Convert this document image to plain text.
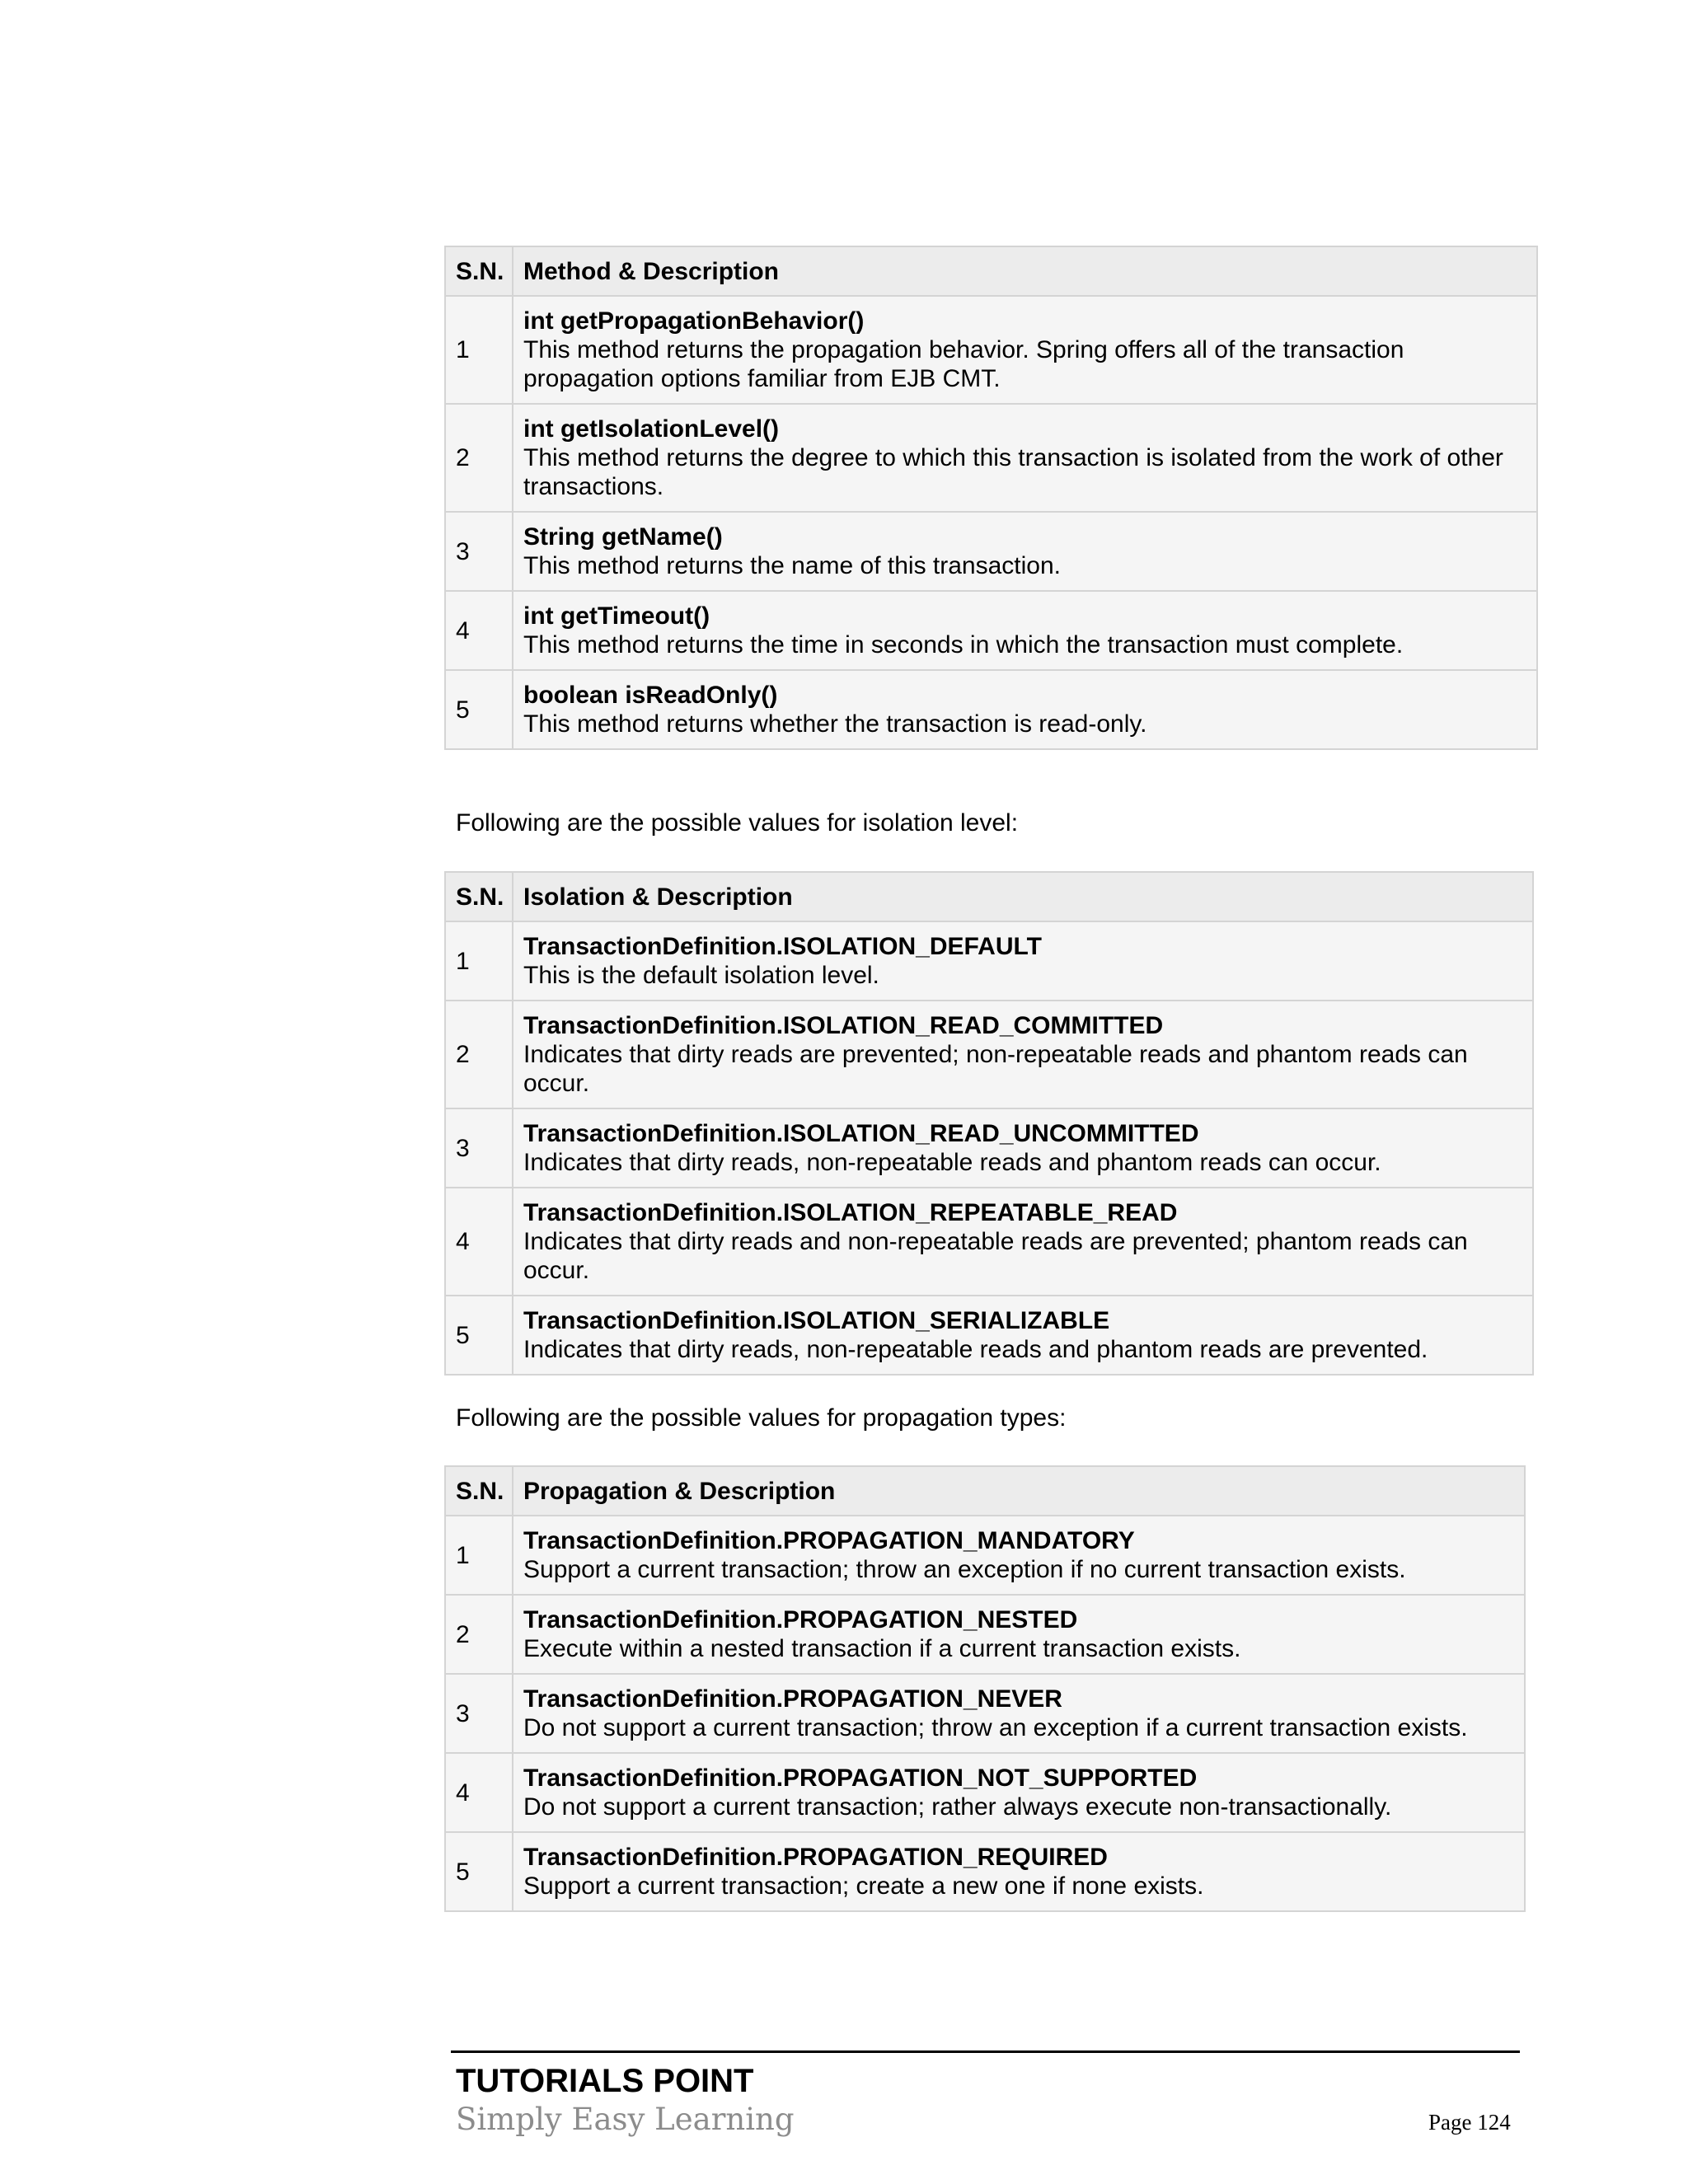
S.N.	Method & Description
1	int getPropagationBehavior()
This method returns the propagation behavior. Spring offers all of the transaction propagation options familiar from EJB CMT.

2	int getIsolationLevel()
This method returns the degree to which this transaction is isolated from the work of other transactions.

3	String getName()
This method returns the name of this transaction.

4	int getTimeout()
This method returns the time in seconds in which the transaction must complete.

5	boolean isReadOnly()
This method returns whether the transaction is read-only.

Following are the possible values for isolation level:

S.N.	Isolation & Description
1	TransactionDefinition.ISOLATION_DEFAULT
This is the default isolation level.

2	TransactionDefinition.ISOLATION_READ_COMMITTED
Indicates that dirty reads are prevented; non-repeatable reads and phantom reads can occur.

3	TransactionDefinition.ISOLATION_READ_UNCOMMITTED
Indicates that dirty reads, non-repeatable reads and phantom reads can occur.

4	TransactionDefinition.ISOLATION_REPEATABLE_READ
Indicates that dirty reads and non-repeatable reads are prevented; phantom reads can occur.

5	TransactionDefinition.ISOLATION_SERIALIZABLE
Indicates that dirty reads, non-repeatable reads and phantom reads are prevented.

Following are the possible values for propagation types:

S.N.	Propagation & Description
1	TransactionDefinition.PROPAGATION_MANDATORY
Support a current transaction; throw an exception if no current transaction exists.

2	TransactionDefinition.PROPAGATION_NESTED
Execute within a nested transaction if a current transaction exists.

3	TransactionDefinition.PROPAGATION_NEVER
Do not support a current transaction; throw an exception if a current transaction exists.

4	TransactionDefinition.PROPAGATION_NOT_SUPPORTED
Do not support a current transaction; rather always execute non-transactionally.

5	TransactionDefinition.PROPAGATION_REQUIRED
Support a current transaction; create a new one if none exists.
TUTORIALS POINT
Simply Easy Learning	Page 124
